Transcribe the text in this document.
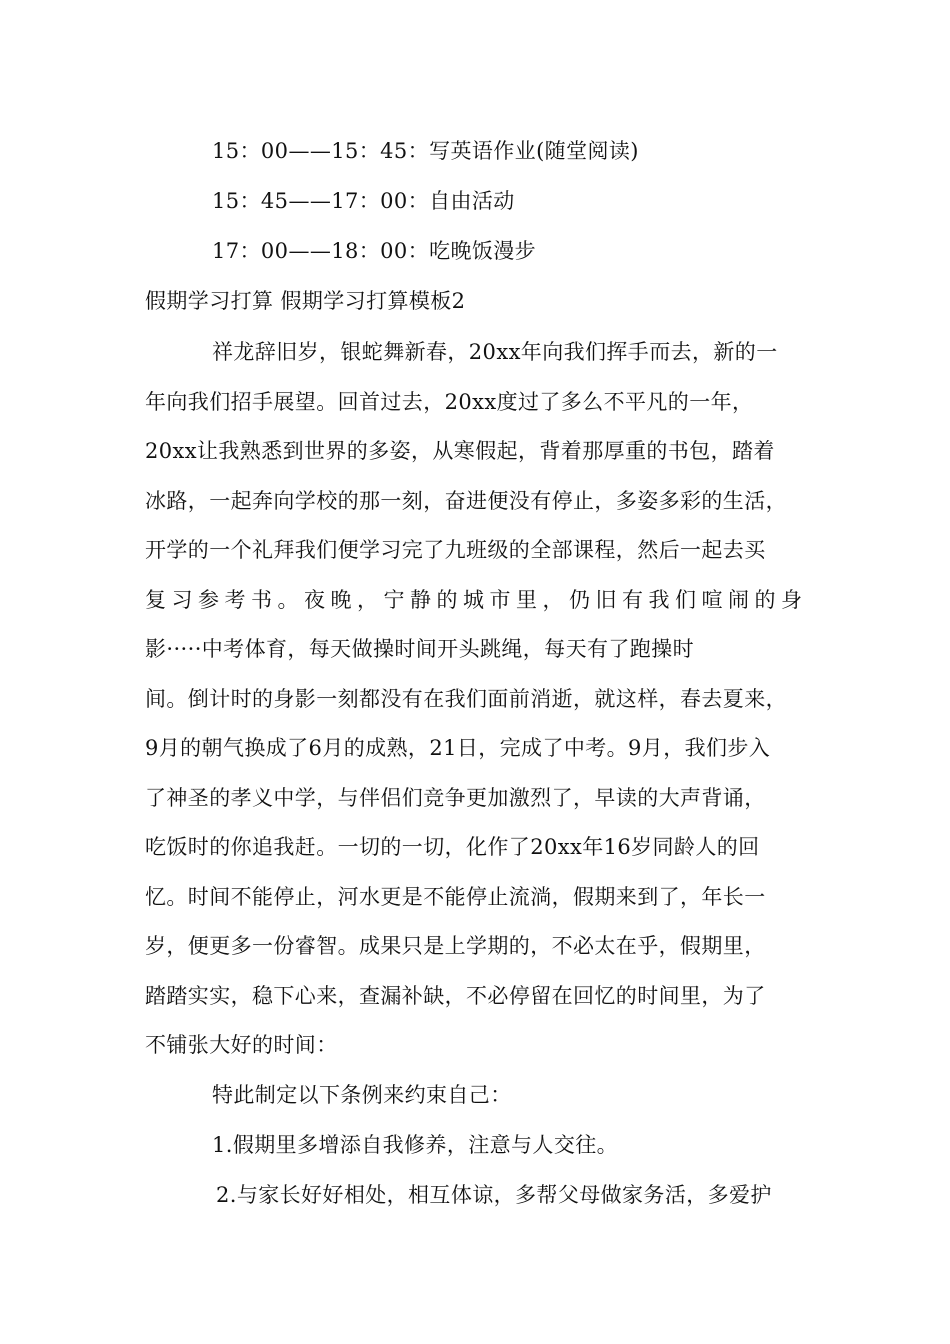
15：00——15：45：写英语作业(随堂阅读)
15：45——17：00：自由活动
17：00——18：00：吃晚饭漫步
假期学习打算 假期学习打算模板2
祥龙辞旧岁，银蛇舞新春，20xx年向我们挥手而去，新的一
年向我们招手展望。回首过去，20xx度过了多么不平凡的一年，
20xx让我熟悉到世界的多姿，从寒假起，背着那厚重的书包，踏着
冰路，一起奔向学校的那一刻，奋进便没有停止，多姿多彩的生活，
开学的一个礼拜我们便学习完了九班级的全部课程，然后一起去买
复习参考书。夜晚，宁静的城市里，仍旧有我们喧闹的身
影·····中考体育，每天做操时间开头跳绳，每天有了跑操时
间。倒计时的身影一刻都没有在我们面前消逝，就这样，春去夏来，
9月的朝气换成了6月的成熟，21日，完成了中考。9月，我们步入
了神圣的孝义中学，与伴侣们竞争更加激烈了，早读的大声背诵，
吃饭时的你追我赶。一切的一切，化作了20xx年16岁同龄人的回
忆。时间不能停止，河水更是不能停止流淌，假期来到了，年长一
岁，便更多一份睿智。成果只是上学期的，不必太在乎，假期里，
踏踏实实，稳下心来，查漏补缺，不必停留在回忆的时间里，为了
不铺张大好的时间：
特此制定以下条例来约束自己：
1.假期里多增添自我修养，注意与人交往。
2.与家长好好相处，相互体谅，多帮父母做家务活，多爱护
